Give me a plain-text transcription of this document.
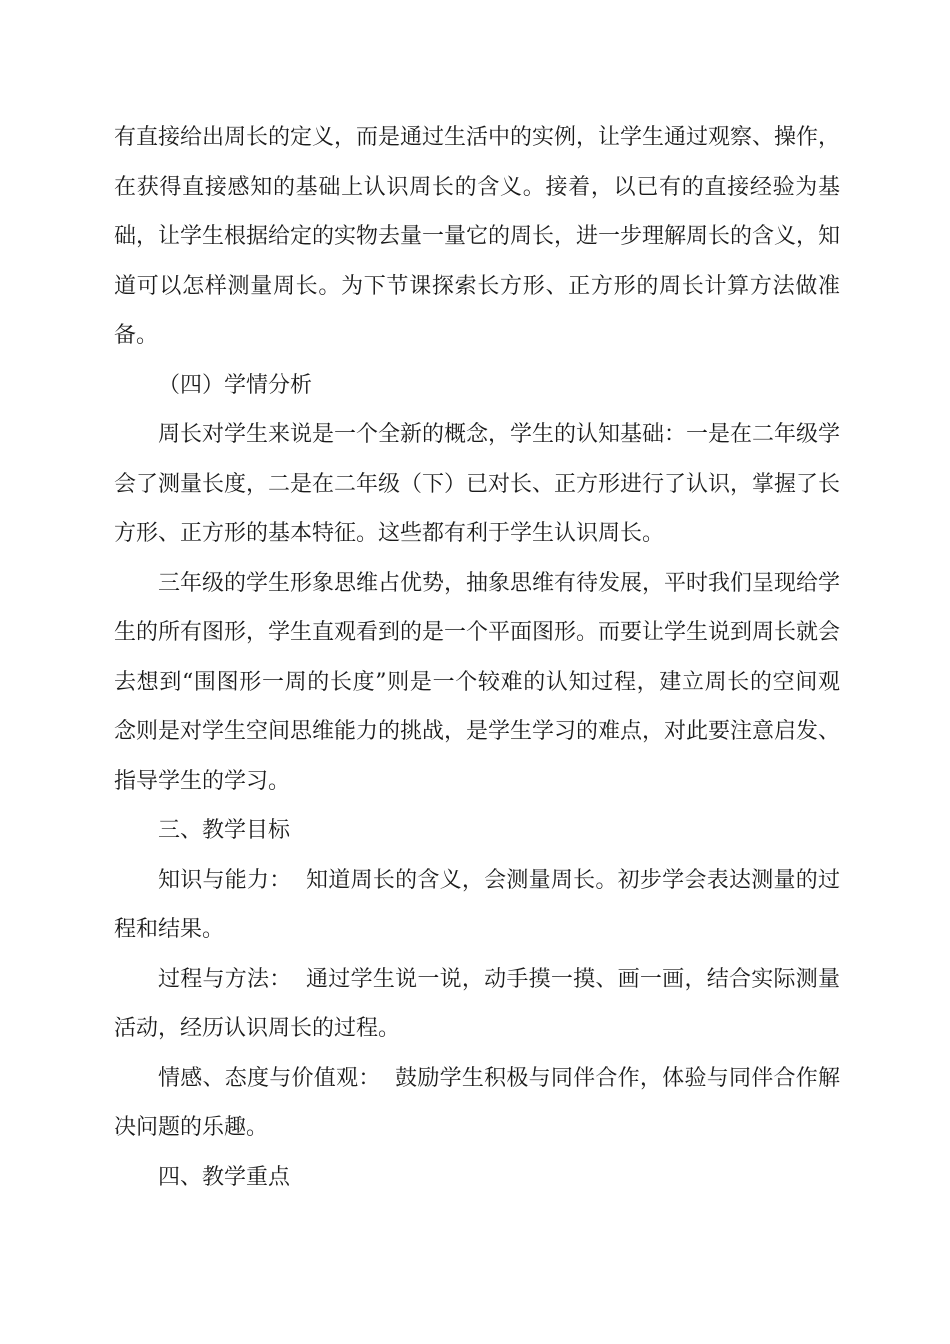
有直接给出周长的定义，而是通过生活中的实例，让学生通过观察、操作，在获得直接感知的基础上认识周长的含义。接着，以已有的直接经验为基础，让学生根据给定的实物去量一量它的周长，进一步理解周长的含义，知道可以怎样测量周长。为下节课探索长方形、正方形的周长计算方法做准备。

（四）学情分析

周长对学生来说是一个全新的概念，学生的认知基础：一是在二年级学会了测量长度，二是在二年级（下）已对长、正方形进行了认识，掌握了长方形、正方形的基本特征。这些都有利于学生认识周长。

三年级的学生形象思维占优势，抽象思维有待发展，平时我们呈现给学生的所有图形，学生直观看到的是一个平面图形。而要让学生说到周长就会去想到“围图形一周的长度”则是一个较难的认知过程，建立周长的空间观念则是对学生空间思维能力的挑战，是学生学习的难点，对此要注意启发、指导学生的学习。

三、教学目标

知识与能力：  知道周长的含义，会测量周长。初步学会表达测量的过程和结果。

过程与方法：  通过学生说一说，动手摸一摸、画一画，结合实际测量活动，经历认识周长的过程。

情感、态度与价值观：  鼓励学生积极与同伴合作，体验与同伴合作解决问题的乐趣。

四、教学重点
